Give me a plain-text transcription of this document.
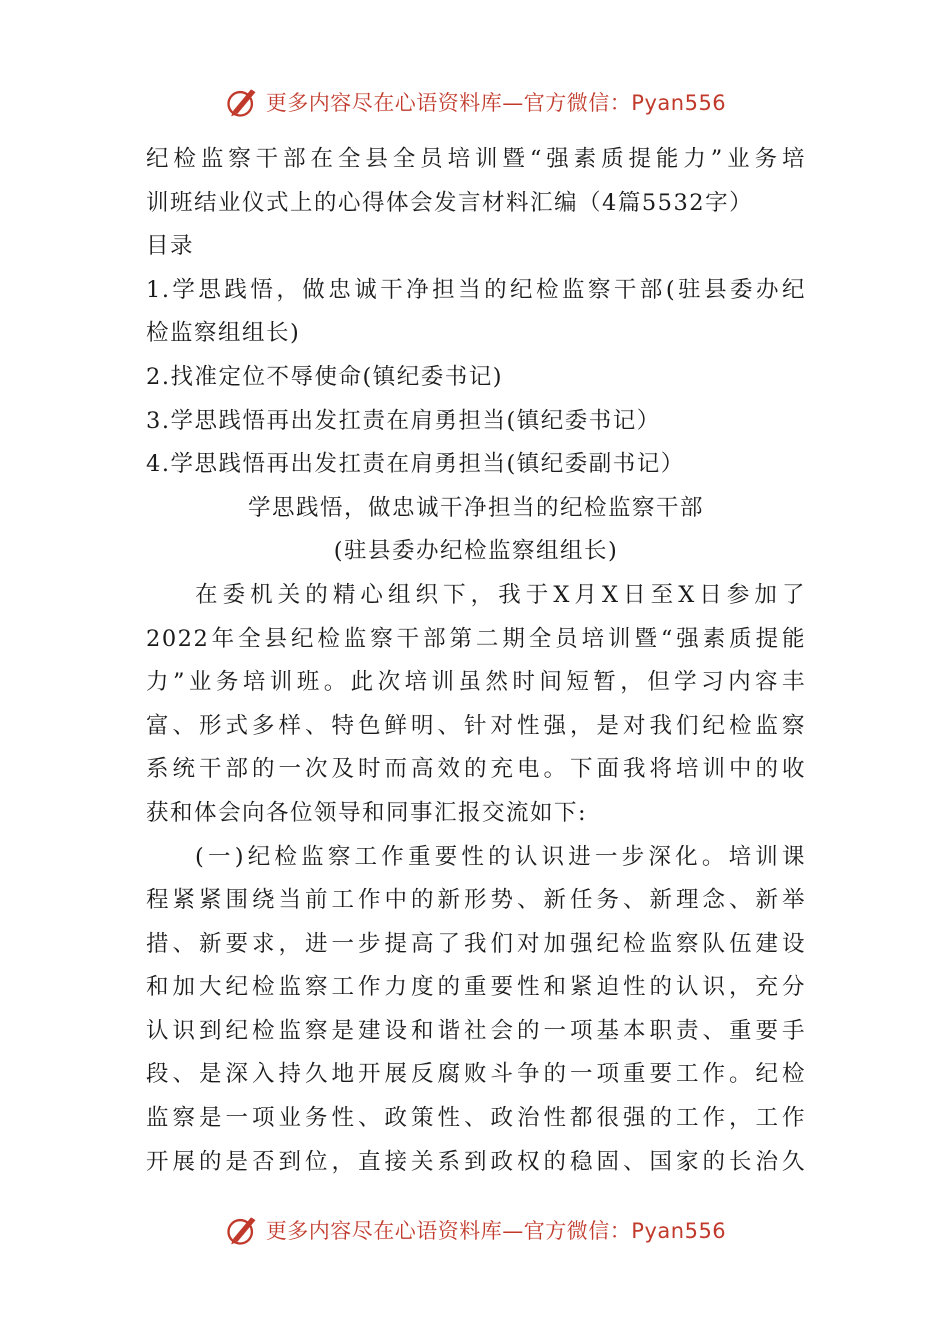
更多内容尽在心语资料库—官方微信：Pyan556
纪检监察干部在全县全员培训暨“强素质提能力”业务培
训班结业仪式上的心得体会发言材料汇编（4篇5532字）
目录
1.学思践悟，做忠诚干净担当的纪检监察干部(驻县委办纪
检监察组组长)
2.找准定位不辱使命(镇纪委书记)
3.学思践悟再出发扛责在肩勇担当(镇纪委书记）
4.学思践悟再出发扛责在肩勇担当(镇纪委副书记）
学思践悟，做忠诚干净担当的纪检监察干部
(驻县委办纪检监察组组长)
在委机关的精心组织下，我于X月X日至X日参加了
2022年全县纪检监察干部第二期全员培训暨“强素质提能
力”业务培训班。此次培训虽然时间短暂，但学习内容丰
富、形式多样、特色鲜明、针对性强，是对我们纪检监察
系统干部的一次及时而高效的充电。下面我将培训中的收
获和体会向各位领导和同事汇报交流如下:
(一)纪检监察工作重要性的认识进一步深化。培训课
程紧紧围绕当前工作中的新形势、新任务、新理念、新举
措、新要求，进一步提高了我们对加强纪检监察队伍建设
和加大纪检监察工作力度的重要性和紧迫性的认识，充分
认识到纪检监察是建设和谐社会的一项基本职责、重要手
段、是深入持久地开展反腐败斗争的一项重要工作。纪检
监察是一项业务性、政策性、政治性都很强的工作，工作
开展的是否到位，直接关系到政权的稳固、国家的长治久
更多内容尽在心语资料库—官方微信：Pyan556
